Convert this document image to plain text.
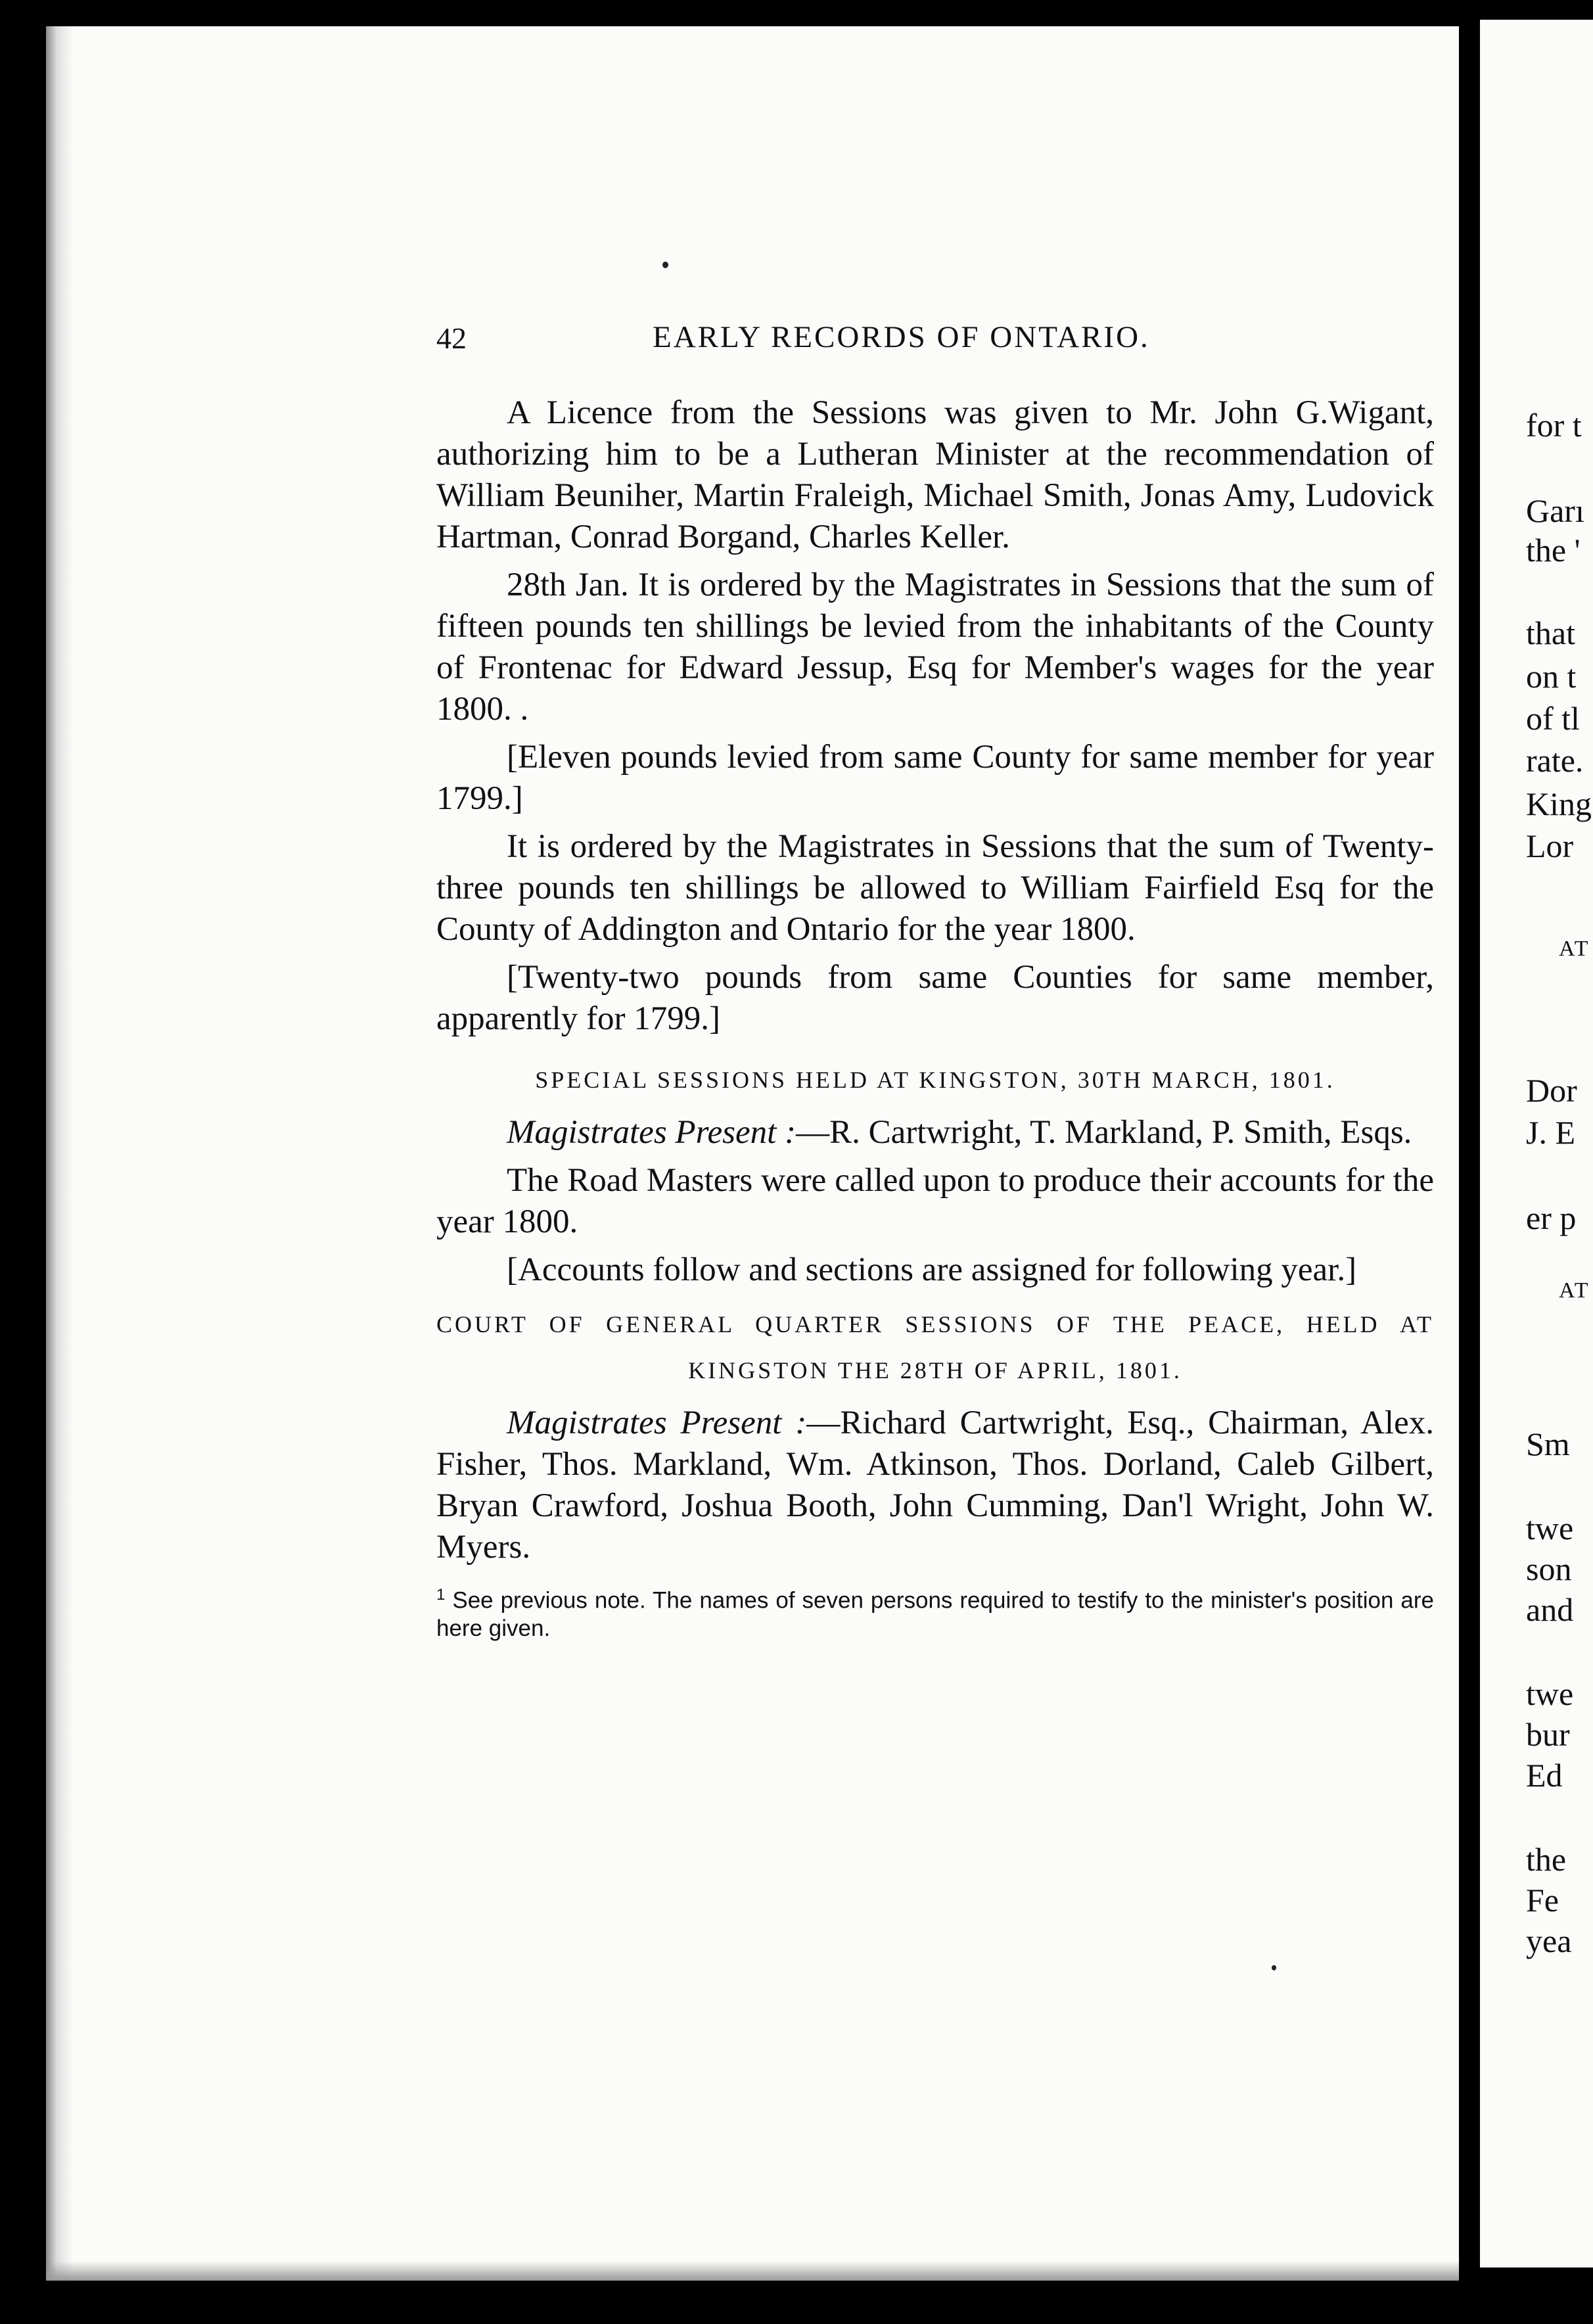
42	EARLY RECORDS OF ONTARIO.

A Licence from the Sessions was given to Mr. John G.Wigant, authorizing him to be a Lutheran Minister at the recommendation of William Beuniher, Martin Fraleigh, Michael Smith, Jonas Amy, Ludovick Hartman, Conrad Borgand, Charles Keller.

28th Jan. It is ordered by the Magistrates in Sessions that the sum of fifteen pounds ten shillings be levied from the inhabitants of the County of Frontenac for Edward Jessup, Esq for Member's wages for the year 1800. .

[Eleven pounds levied from same County for same member for year 1799.]

It is ordered by the Magistrates in Sessions that the sum of Twenty-three pounds ten shillings be allowed to William Fairfield Esq for the County of Addington and Ontario for the year 1800.

[Twenty-two pounds from same Counties for same member, apparently for 1799.]

SPECIAL SESSIONS HELD AT KINGSTON, 30TH MARCH, 1801.

Magistrates Present :—R. Cartwright, T. Markland, P. Smith, Esqs.

The Road Masters were called upon to produce their accounts for the year 1800.

[Accounts follow and sections are assigned for following year.]

COURT OF GENERAL QUARTER SESSIONS OF THE PEACE, HELD AT

KINGSTON THE 28TH OF APRIL, 1801.

Magistrates Present :—Richard Cartwright, Esq., Chairman, Alex. Fisher, Thos. Markland, Wm. Atkinson, Thos. Dorland, Caleb Gilbert, Bryan Crawford, Joshua Booth, John Cumming, Dan'l Wright, John W. Myers.

$^1$ See previous note. The names of seven persons required to testify to the minister's position are here given.

for t
Garı
the '
that
on t
of tl
rate.
King
Lor
AT
Dor
J. E
er p
AT
Sm
twe
son
and
twe
bur
Ed
the
Fe
yea
